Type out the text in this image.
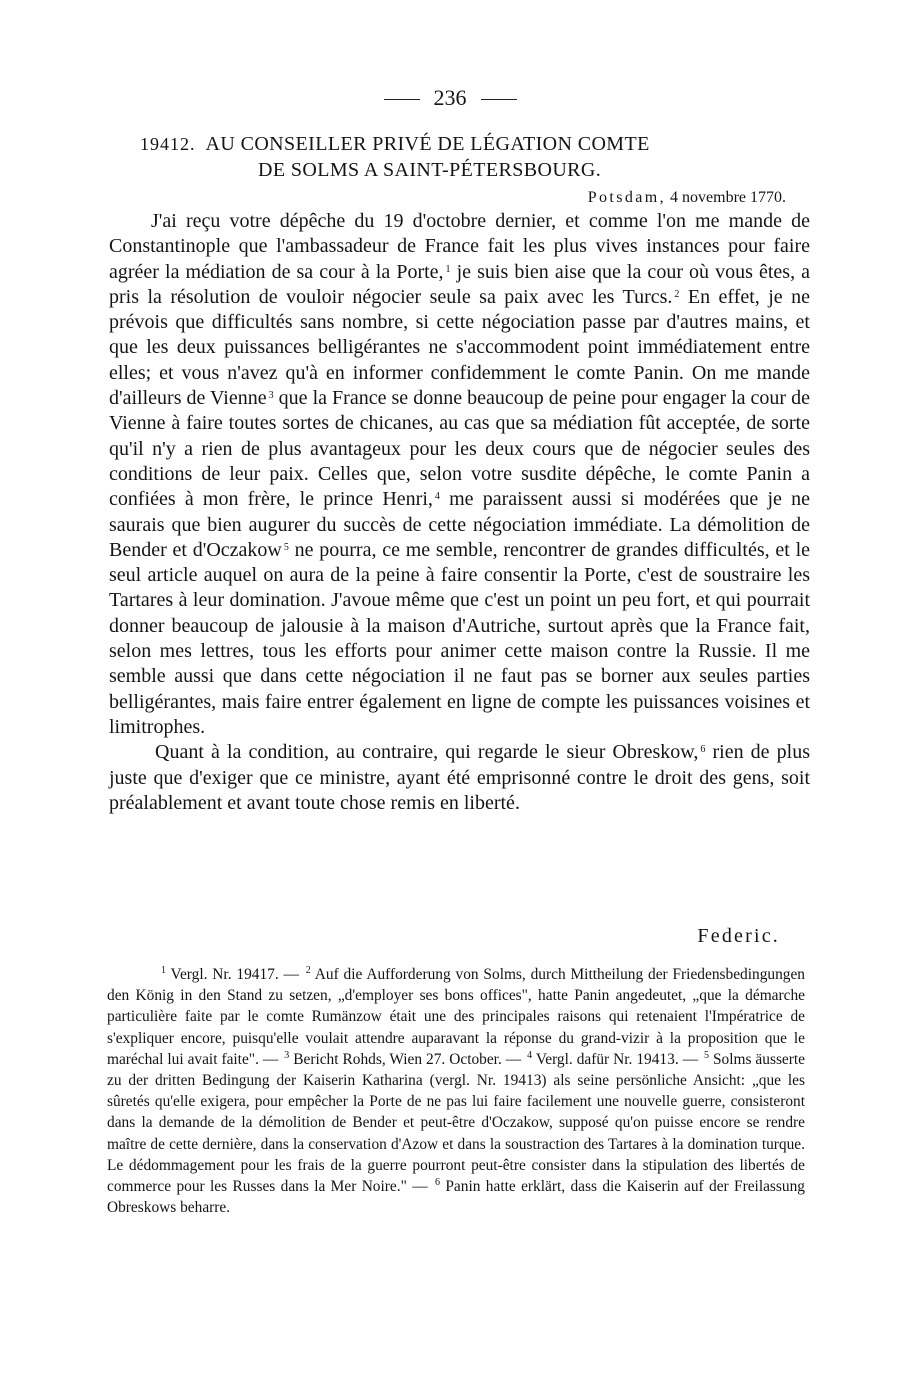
236
19412. AU CONSEILLER PRIVÉ DE LÉGATION COMTE
DE SOLMS A SAINT-PÉTERSBOURG.
Potsdam, 4 novembre 1770.

J'ai reçu votre dépêche du 19 d'octobre dernier, et comme l'on me mande de Constantinople que l'ambassadeur de France fait les plus vives instances pour faire agréer la médiation de sa cour à la Porte, $^1$ je suis bien aise que la cour où vous êtes, a pris la résolution de vouloir négocier seule sa paix avec les Turcs. $^2$ En effet, je ne prévois que difficultés sans nombre, si cette négociation passe par d'autres mains, et que les deux puissances belligérantes ne s'accommodent point immédiatement entre elles; et vous n'avez qu'à en informer confidemment le comte Panin. On me mande d'ailleurs de Vienne $^3$ que la France se donne beaucoup de peine pour engager la cour de Vienne à faire toutes sortes de chicanes, au cas que sa médiation fût acceptée, de sorte qu'il n'y a rien de plus avantageux pour les deux cours que de négocier seules des conditions de leur paix. Celles que, selon votre susdite dépêche, le comte Panin a confiées à mon frère, le prince Henri, $^4$ me paraissent aussi si modérées que je ne saurais que bien augurer du succès de cette négociation immédiate. La démolition de Bender et d'Oczakow $^5$ ne pourra, ce me semble, rencontrer de grandes difficultés, et le seul article auquel on aura de la peine à faire consentir la Porte, c'est de soustraire les Tartares à leur domination. J'avoue même que c'est un point un peu fort, et qui pourrait donner beaucoup de jalousie à la maison d'Autriche, surtout après que la France fait, selon mes lettres, tous les efforts pour animer cette maison contre la Russie. Il me semble aussi que dans cette négociation il ne faut pas se borner aux seules parties belligérantes, mais faire entrer également en ligne de compte les puissances voisines et limitrophes.

Quant à la condition, au contraire, qui regarde le sieur Obreskow, $^6$ rien de plus juste que d'exiger que ce ministre, ayant été emprisonné contre le droit des gens, soit préalablement et avant toute chose remis en liberté.

Federic.

$^1$ Vergl. Nr. 19417. — $^2$ Auf die Aufforderung von Solms, durch Mittheilung der Friedensbedingungen den König in den Stand zu setzen, „d'employer ses bons offices", hatte Panin angedeutet, „que la démarche particulière faite par le comte Rumänzow était une des principales raisons qui retenaient l'Impératrice de s'expliquer encore, puisqu'elle voulait attendre auparavant la réponse du grand-vizir à la proposition que le maréchal lui avait faite". — $^3$ Bericht Rohds, Wien 27. October. — $^4$ Vergl. dafür Nr. 19413. — $^5$ Solms äusserte zu der dritten Bedingung der Kaiserin Katharina (vergl. Nr. 19413) als seine persönliche Ansicht: „que les sûretés qu'elle exigera, pour empêcher la Porte de ne pas lui faire facilement une nouvelle guerre, consisteront dans la demande de la démolition de Bender et peut-être d'Oczakow, supposé qu'on puisse encore se rendre maître de cette dernière, dans la conservation d'Azow et dans la soustraction des Tartares à la domination turque. Le dédommagement pour les frais de la guerre pourront peut-être consister dans la stipulation des libertés de commerce pour les Russes dans la Mer Noire." — $^6$ Panin hatte erklärt, dass die Kaiserin auf der Freilassung Obreskows beharre.
